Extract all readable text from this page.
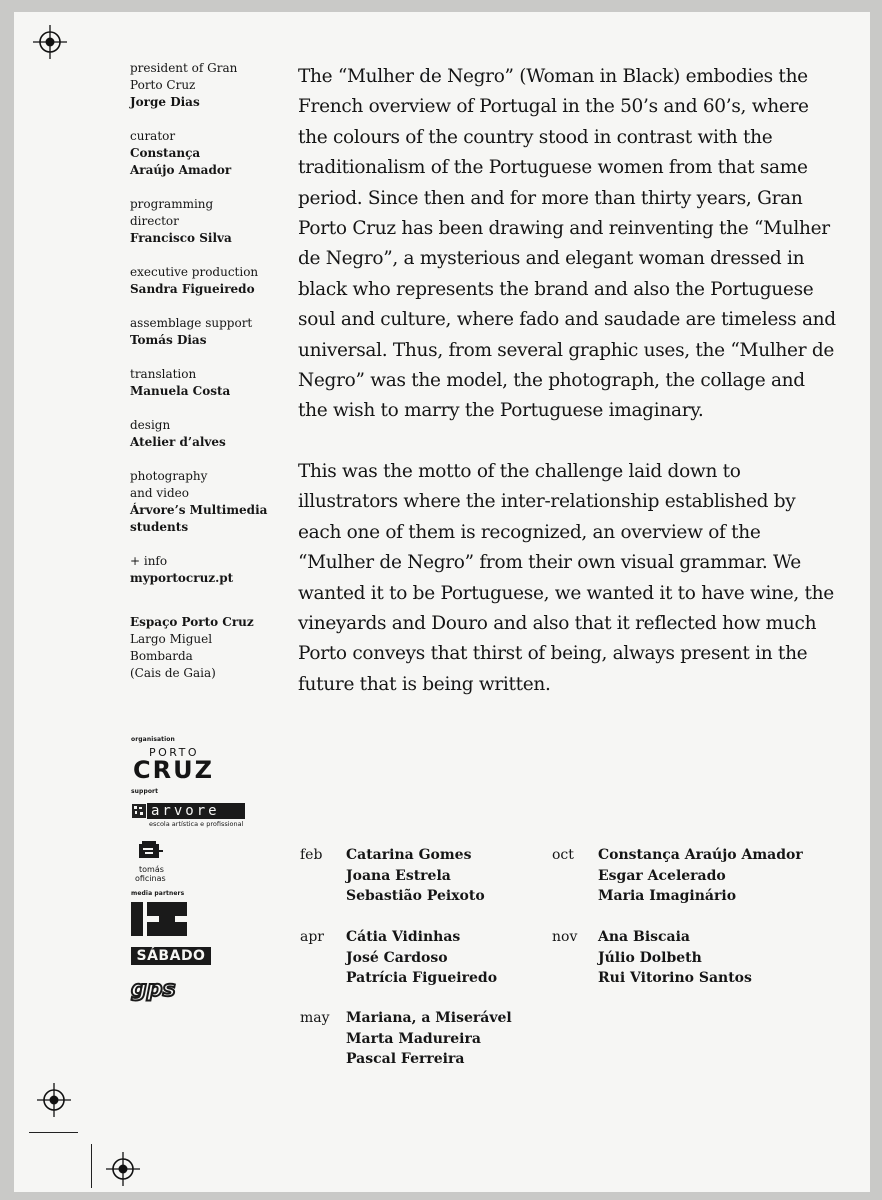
president of Gran Porto Cruz
Jorge Dias
curator
Constança Araújo Amador
programming director
Francisco Silva
executive production
Sandra Figueiredo
assemblage support
Tomás Dias
translation
Manuela Costa
design
Atelier d’alves
photography and video
Árvore’s Multimedia students
+ info
myportocruz.pt
Espaço Porto Cruz
Largo Miguel
Bombarda
(Cais de Gaia)
organisation
PORTO
CRUZ
support
arvore
escola artística e profissional
tomás
oficinas
media partners
SÁBADO
gps

The “Mulher de Negro” (Woman in Black) embodies the French overview of Portugal in the 50’s and 60’s, where the colours of the country stood in contrast with the traditionalism of the Portuguese women from that same period. Since then and for more than thirty years, Gran Porto Cruz has been drawing and reinventing the “Mulher de Negro”, a mysterious and elegant woman dressed in black who represents the brand and also the Portuguese soul and culture, where fado and saudade are timeless and universal. Thus, from several graphic uses, the “Mulher de Negro” was the model, the photograph, the collage and the wish to marry the Portuguese imaginary.

This was the motto of the challenge laid down to illustrators where the inter-relationship established by each one of them is recognized, an overview of the “Mulher de Negro” from their own visual grammar. We wanted it to be Portuguese, we wanted it to have wine, the vineyards and Douro and also that it reflected how much Porto conveys that thirst of being, always present in the future that is being written.

feb	Catarina Gomes
Joana Estrela
Sebastião Peixoto
apr	Cátia Vidinhas
José Cardoso
Patrícia Figueiredo
may	Mariana, a Miserável
Marta Madureira
Pascal Ferreira
oct	Constança Araújo Amador
Esgar Acelerado
Maria Imaginário
nov	Ana Biscaia
Júlio Dolbeth
Rui Vitorino Santos
